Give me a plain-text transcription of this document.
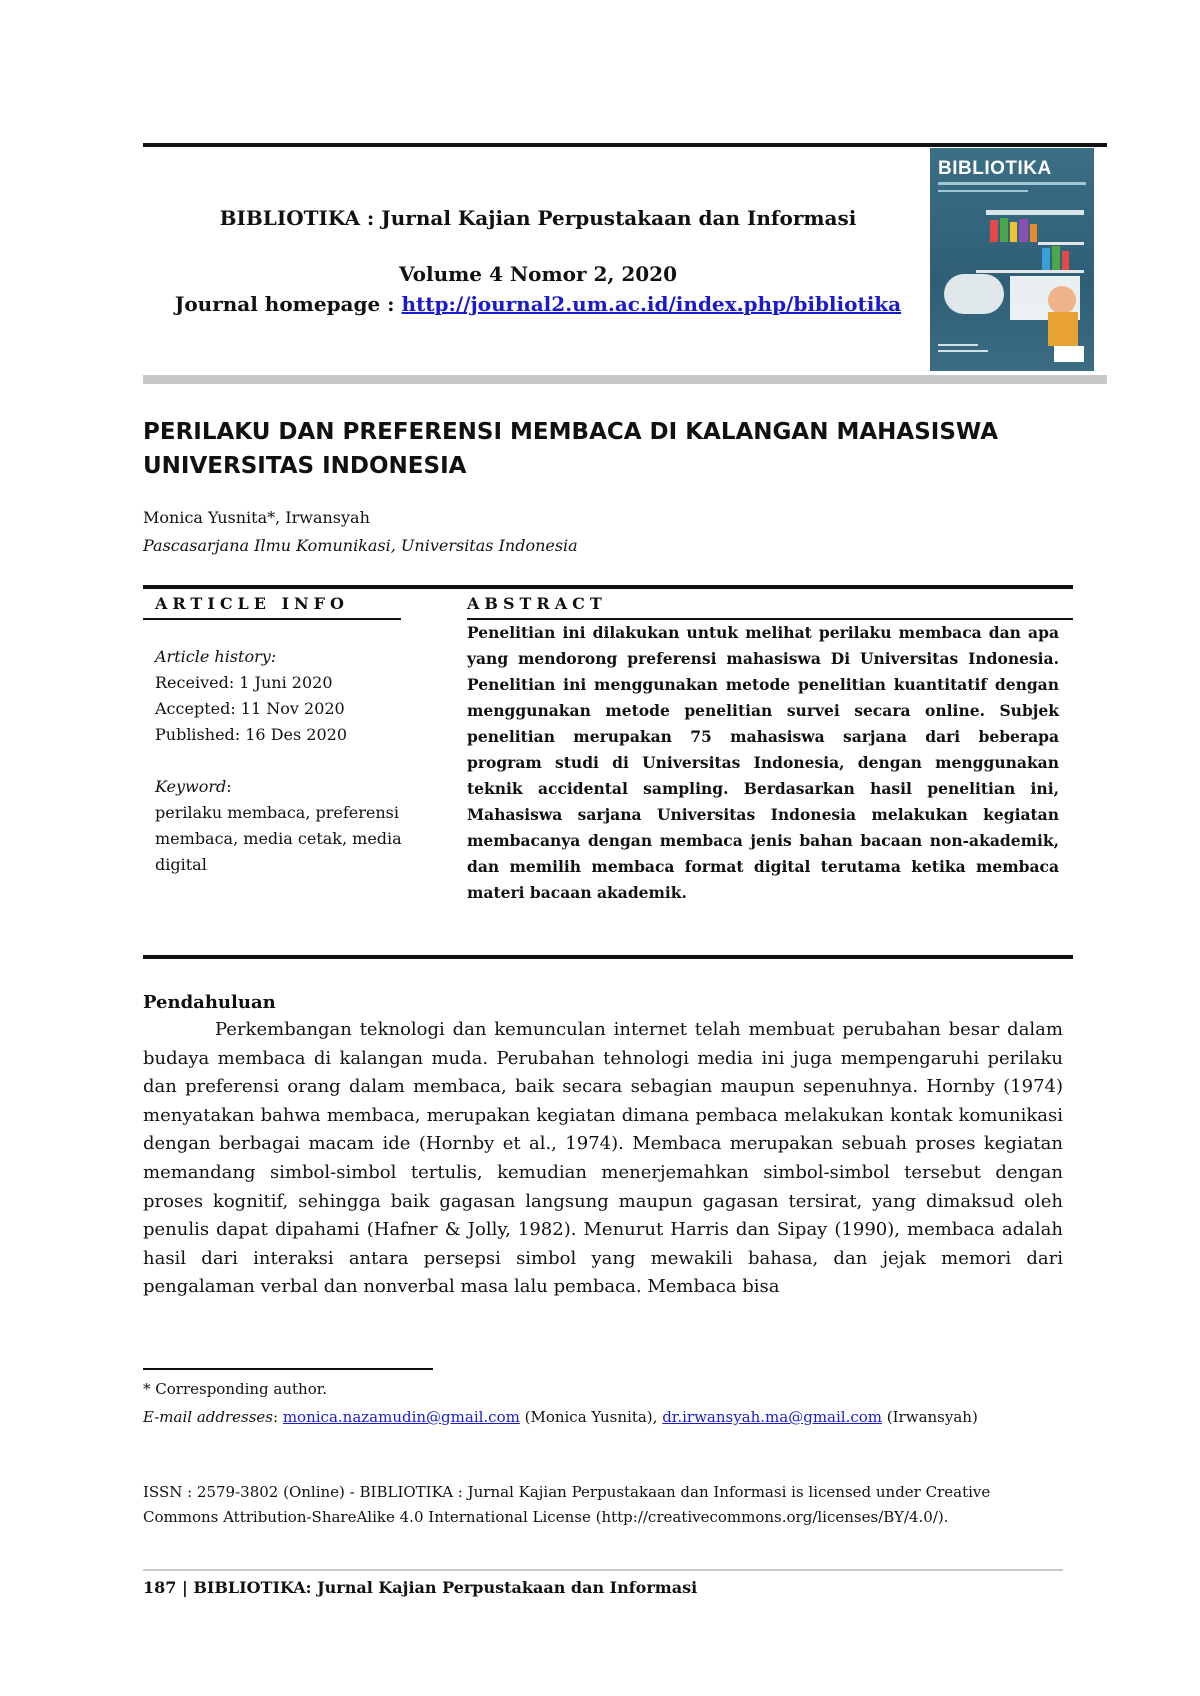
BIBLIOTIKA : Jurnal Kajian Perpustakaan dan Informasi
Volume 4 Nomor 2, 2020
Journal homepage : http://journal2.um.ac.id/index.php/bibliotika
BIBLIOTIKA
PERILAKU DAN PREFERENSI MEMBACA DI KALANGAN MAHASISWA UNIVERSITAS INDONESIA
Monica Yusnita*, Irwansyah
Pascasarjana Ilmu Komunikasi, Universitas Indonesia
ARTICLE INFO	ABSTRACT
Article history:
Received: 1 Juni 2020
Accepted: 11 Nov 2020
Published: 16 Des 2020
Keyword:
perilaku membaca, preferensi membaca, media cetak, media digital
Penelitian ini dilakukan untuk melihat perilaku membaca dan apa yang mendorong preferensi mahasiswa Di Universitas Indonesia. Penelitian ini menggunakan metode penelitian kuantitatif dengan menggunakan metode penelitian survei secara online. Subjek penelitian merupakan 75 mahasiswa sarjana dari beberapa program studi di Universitas Indonesia, dengan menggunakan teknik accidental sampling. Berdasarkan hasil penelitian ini, Mahasiswa sarjana Universitas Indonesia melakukan kegiatan membacanya dengan membaca jenis bahan bacaan non-akademik, dan memilih membaca format digital terutama ketika membaca materi bacaan akademik.
Pendahuluan
Perkembangan teknologi dan kemunculan internet telah membuat perubahan besar dalam budaya membaca di kalangan muda. Perubahan tehnologi media ini juga mempengaruhi perilaku dan preferensi orang dalam membaca, baik secara sebagian maupun sepenuhnya. Hornby (1974) menyatakan bahwa membaca, merupakan kegiatan dimana pembaca melakukan kontak komunikasi dengan berbagai macam ide (Hornby et al., 1974). Membaca merupakan sebuah proses kegiatan memandang simbol-simbol tertulis, kemudian menerjemahkan simbol-simbol tersebut dengan proses kognitif, sehingga baik gagasan langsung maupun gagasan tersirat, yang dimaksud oleh penulis dapat dipahami (Hafner & Jolly, 1982). Menurut Harris dan Sipay (1990), membaca adalah hasil dari interaksi antara persepsi simbol yang mewakili bahasa, dan jejak memori dari pengalaman verbal dan nonverbal masa lalu pembaca. Membaca bisa
* Corresponding author.
E-mail addresses: monica.nazamudin@gmail.com (Monica Yusnita), dr.irwansyah.ma@gmail.com (Irwansyah)
ISSN : 2579-3802 (Online) - BIBLIOTIKA : Jurnal Kajian Perpustakaan dan Informasi is licensed under Creative Commons Attribution-ShareAlike 4.0 International License (http://creativecommons.org/licenses/BY/4.0/).
187 | BIBLIOTIKA: Jurnal Kajian Perpustakaan dan Informasi
